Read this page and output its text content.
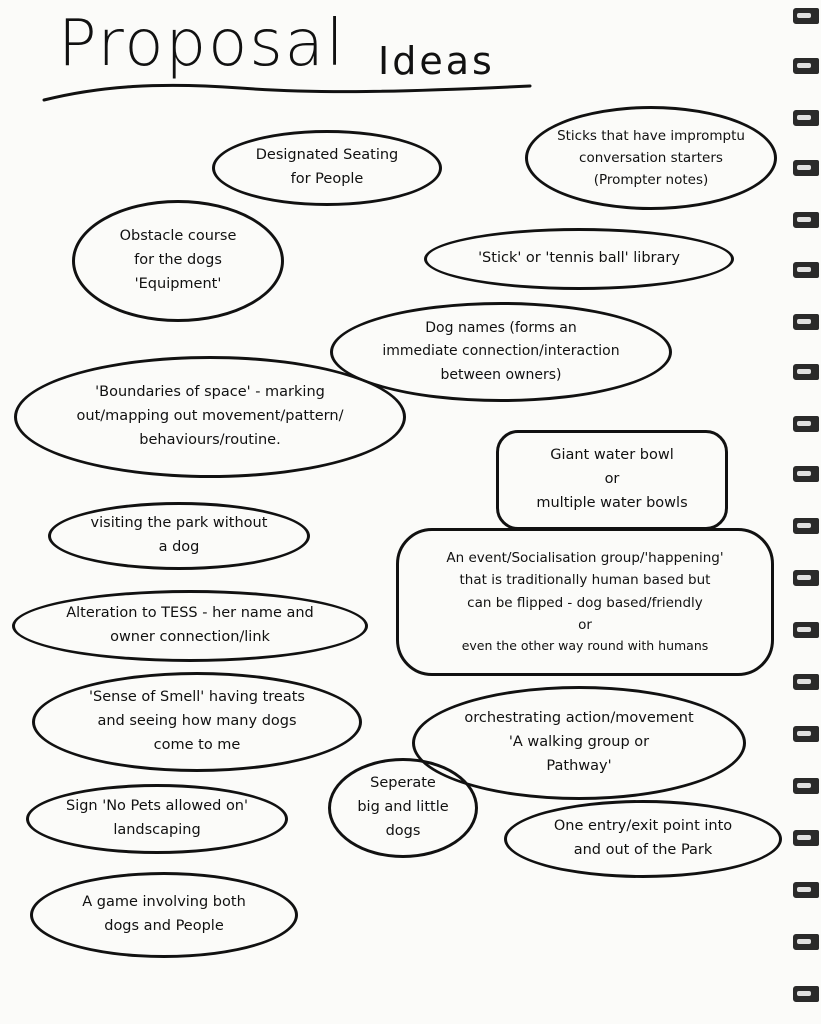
Proposal Ideas
Designated Seating
for People
Sticks that have impromptu
conversation starters
(Prompter notes)
Obstacle course
for the dogs
'Equipment'
'Stick' or 'tennis ball' library
Dog names (forms an
immediate connection/interaction
between owners)
'Boundaries of space' - marking
out/mapping out movement/pattern/
behaviours/routine.
Giant water bowl
or
multiple water bowls
visiting the park without
a dog
An event/Socialisation group/'happening'
that is traditionally human based but
can be flipped - dog based/friendly
or
even the other way round with humans
Alteration to TESS - her name and
owner connection/link
'Sense of Smell' having treats
and seeing how many dogs
come to me
orchestrating action/movement
'A walking group or
Pathway'
Seperate
big and little
dogs
Sign 'No Pets allowed on'
landscaping	One entry/exit point into
and out of the Park
A game involving both
dogs and People
